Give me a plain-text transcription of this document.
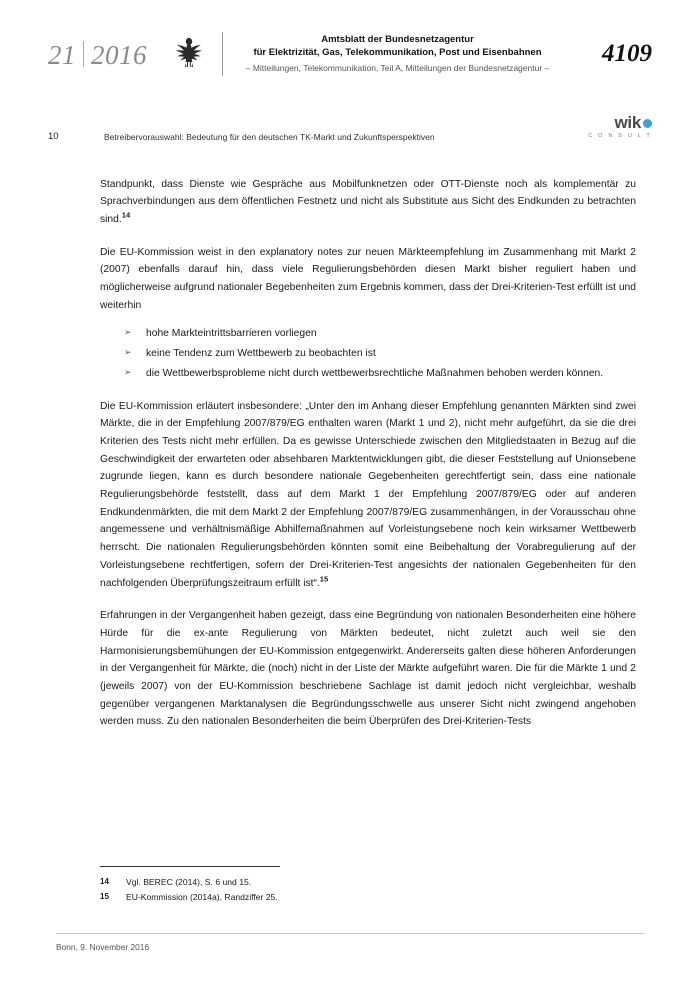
21 2016
Amtsblatt der Bundesnetzagentur
für Elektrizität, Gas, Telekommunikation, Post und Eisenbahnen
– Mitteilungen, Telekommunikation, Teil A, Mitteilungen der Bundesnetzagentur –
4109
10	Betreibervorauswahl: Bedeutung für den deutschen TK-Markt und Zukunftsperspektiven
wik
C O N S U L T

Standpunkt, dass Dienste wie Gespräche aus Mobilfunknetzen oder OTT-Dienste noch als komplementär zu Sprachverbindungen aus dem öffentlichen Festnetz und nicht als Substitute aus Sicht des Endkunden zu betrachten sind.$^{14}$

Die EU-Kommission weist in den explanatory notes zur neuen Märkteempfehlung im Zusammenhang mit Markt 2 (2007) ebenfalls darauf hin, dass viele Regulierungsbehörden diesen Markt bisher reguliert haben und möglicherweise aufgrund nationaler Begebenheiten zum Ergebnis kommen, dass der Drei-Kriterien-Test erfüllt ist und weiterhin

➢ hohe Markteintrittsbarrieren vorliegen
➢ keine Tendenz zum Wettbewerb zu beobachten ist
➢ die Wettbewerbsprobleme nicht durch wettbewerbsrechtliche Maßnahmen behoben werden können.

Die EU-Kommission erläutert insbesondere: „Unter den im Anhang dieser Empfehlung genannten Märkten sind zwei Märkte, die in der Empfehlung 2007/879/EG enthalten waren (Markt 1 und 2), nicht mehr aufgeführt, da sie die drei Kriterien des Tests nicht mehr erfüllen. Da es gewisse Unterschiede zwischen den Mitgliedstaaten in Bezug auf die Geschwindigkeit der erwarteten oder absehbaren Marktentwicklungen gibt, die dieser Feststellung auf Unionsebene zugrunde liegen, kann es durch besondere nationale Gegebenheiten gerechtfertigt sein, dass eine nationale Regulierungsbehörde feststellt, dass auf dem Markt 1 der Empfehlung 2007/879/EG oder auf anderen Endkundenmärkten, die mit dem Markt 2 der Empfehlung 2007/879/EG zusammenhängen, in der Vorausschau ohne angemessene und verhältnismäßige Abhilfemaßnahmen auf Vorleistungsebene noch kein wirksamer Wettbewerb herrscht. Die nationalen Regulierungsbehörden könnten somit eine Beibehaltung der Vorabregulierung auf der Vorleistungsebene rechtfertigen, sofern der Drei-Kriterien-Test angesichts der nationalen Gegebenheiten für den nachfolgenden Überprüfungszeitraum erfüllt ist“.$^{15}$

Erfahrungen in der Vergangenheit haben gezeigt, dass eine Begründung von nationalen Besonderheiten eine höhere Hürde für die ex-ante Regulierung von Märkten bedeutet, nicht zuletzt auch weil sie den Harmonisierungsbemühungen der EU-Kommission entgegenwirkt. Andererseits galten diese höheren Anforderungen in der Vergangenheit für Märkte, die (noch) nicht in der Liste der Märkte aufgeführt waren. Die für die Märkte 1 und 2 (jeweils 2007) von der EU-Kommission beschriebene Sachlage ist damit jedoch nicht vergleichbar, weshalb gegenüber vergangenen Marktanalysen die Begründungsschwelle aus unserer Sicht nicht zwingend angehoben werden muss. Zu den nationalen Besonderheiten die beim Überprüfen des Drei-Kriterien-Tests

14	Vgl. BEREC (2014), S. 6 und 15.
15	EU-Kommission (2014a), Randziffer 25.
Bonn, 9. November 2016
